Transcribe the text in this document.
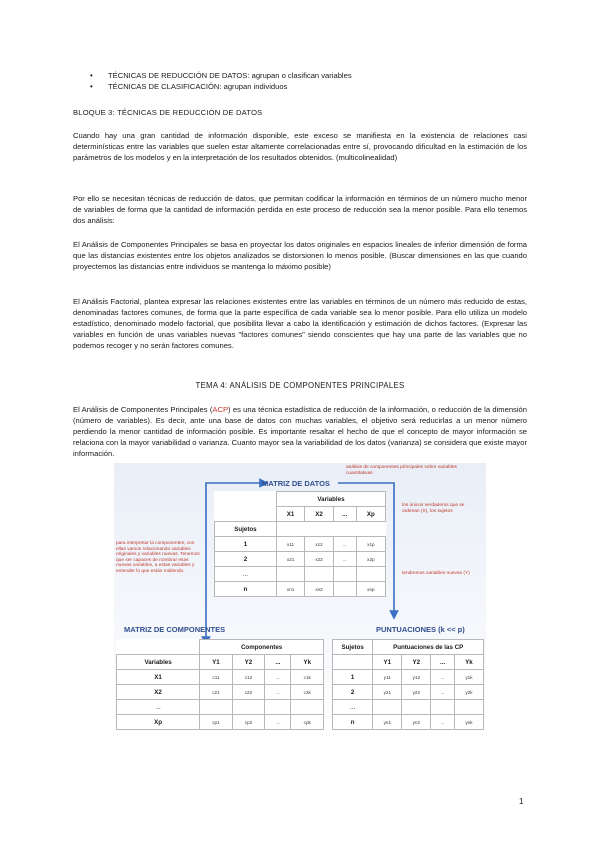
• TÉCNICAS DE REDUCCIÓN DE DATOS: agrupan o clasifican variables
• TÉCNICAS DE CLASIFICACIÓN: agrupan individuos
BLOQUE 3: TÉCNICAS DE REDUCCIÓN DE DATOS

Cuando hay una gran cantidad de información disponible, este exceso se manifiesta en la existencia de relaciones casi determinísticas entre las variables que suelen estar altamente correlacionadas entre sí, provocando dificultad en la estimación de los parámetros de los modelos y en la interpretación de los resultados obtenidos. (multicolinealidad)

Por ello se necesitan técnicas de reducción de datos, que permitan codificar la información en términos de un número mucho menor de variables de forma que la cantidad de información perdida en este proceso de reducción sea la menor posible. Para ello tenemos dos análisis:

El Análisis de Componentes Principales se basa en proyectar los datos originales en espacios lineales de inferior dimensión de forma que las distancias existentes entre los objetos analizados se distorsionen lo menos posible. (Buscar dimensiones en las que cuando proyectemos las distancias entre individuos se mantenga lo máximo posible)

El Análisis Factorial, plantea expresar las relaciones existentes entre las variables en términos de un número más reducido de estas, denominadas factores comunes, de forma que la parte específica de cada variable sea lo menor posible. Para ello utiliza un modelo estadístico, denominado modelo factorial, que posibilita llevar a cabo la identificación y estimación de dichos factores. (Expresar las variables en función de unas variables nuevas "factores comunes" siendo conscientes que hay una parte de las variables que no podemos recoger y no serán factores comunes.

TEMA 4: ANÁLISIS DE COMPONENTES PRINCIPALES

El Análisis de Componentes Principales (ACP) es una técnica estadística de reducción de la información, o reducción de la dimensión (número de variables). Es decir, ante una base de datos con muchas variables, el objetivo será reducirlas a un menor número perdiendo la menor cantidad de información posible. Es importante resaltar el hecho de que el concepto de mayor información se relaciona con la mayor variabilidad o varianza. Cuanto mayor sea la variabilidad de los datos (varianza) se considera que existe mayor información.

MATRIZ DE DATOS
MATRIZ DE COMPONENTES	PUNTUACIONES (k << p)
análisis de componentes principales sobre variables cuantitativas
los únicos verdaderos que se ordenan (X), los sujetos
tendremos variables nuevas (Y)
para interpretar la componentes, con ellas vamos relacionando variables originales y variables nuevas. Tenemos que ser capaces de nombrar esas nuevas variables, a estas variables y entender lo que están midiendo.
	Variables			
	X1	X2	...	Xp
Sujetos				
1	x11	x12	...	x1p
2	x21	x22	...	x2p
...				
n	xn1	xn2		xnp
	Componentes			
Variables	Y1	Y2	...	Yk
X1	c11	c12	...	c1k
X2	c21	c22	...	c2k
...				
Xp	cp1	cp2	...	cpk
Sujetos	Puntuaciones de las CP			
	Y1	Y2	...	Yk
1	y11	y12	...	y1k
2	y21	y22	...	y2k
...				
n	yn1	yn2	...	ynk
1
